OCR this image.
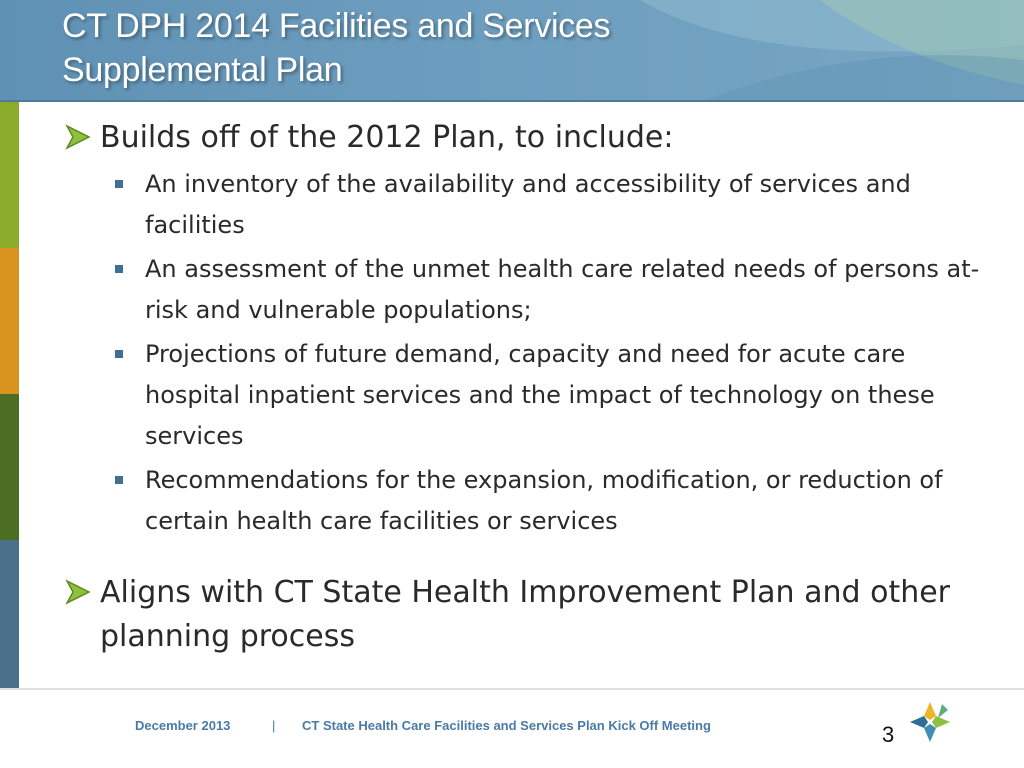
CT DPH 2014 Facilities and Services
Supplemental Plan
Builds off of the 2012 Plan, to include:
An inventory of the availability and accessibility of services and facilities
An assessment of the unmet health care related needs of persons at-risk and vulnerable populations;
Projections of future demand, capacity and need for acute care hospital inpatient services and the impact of technology on these services
Recommendations for the expansion, modification, or reduction of certain health care facilities or services
Aligns with CT State Health Improvement Plan and other planning process
December 2013	| CT State Health Care Facilities and Services Plan Kick Off Meeting	3
